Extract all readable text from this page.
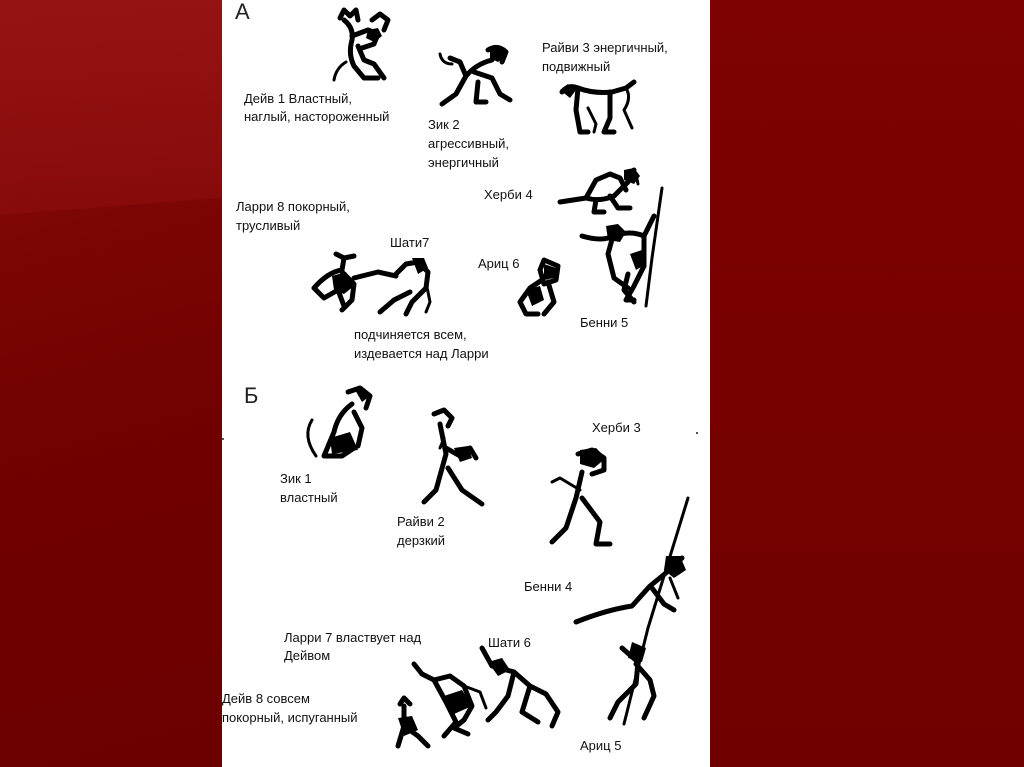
А

Дейв 1 Властный,

наглый, настороженный

Зик 2

агрессивный,

энергичный

Райви 3 энергичный,

подвижный

Херби 4

Ларри 8 покорный,

трусливый

Шати7

Ариц 6

подчиняется всем,

издевается над Ларри

Бенни 5

Б

Зик 1

властный

Райви 2

дерзкий

Херби 3

Бенни 4

Ларри 7 властвует над

Дейвом

Шати 6

Дейв 8 совсем

покорный, испуганный

Ариц 5
